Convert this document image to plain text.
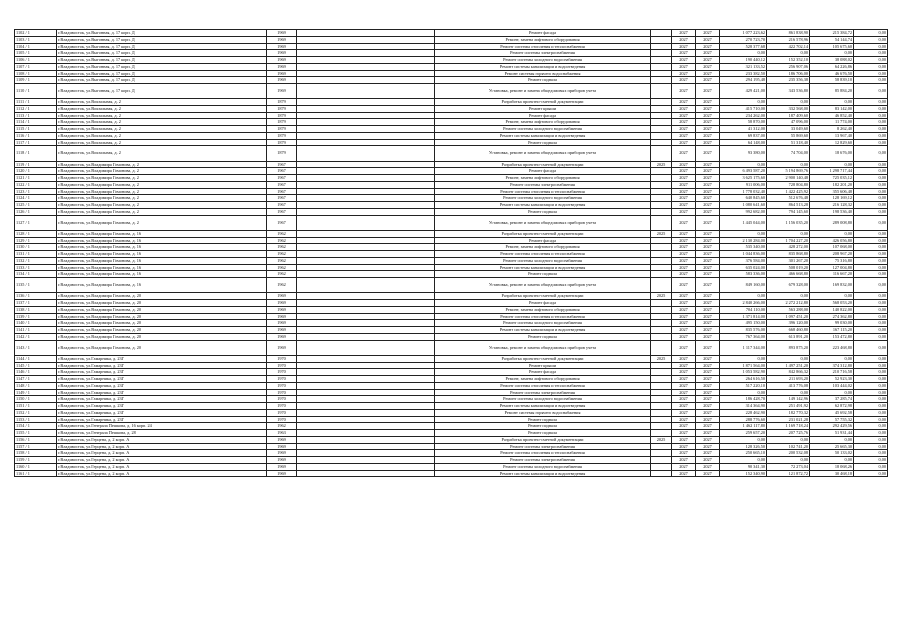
1102 / 1	г.Владивосток, ул.Выгонная, д. 17 корп. Д	1969		Ремонт фасада		2027	2027	1 077 223,62	861 838,90	215 384,72	0,00
1103 / 1	г.Владивосток, ул.Выгонная, д. 17 корп. Д	1969		Ремонт, замена лифтового оборудования		2027	2027	270 723,70	216 578,96	54 144,74	0,00
1104 / 1	г.Владивосток, ул.Выгонная, д. 17 корп. Д	1969		Ремонт системы отопления и теплоснабжения		2027	2027	528 377,68	422 702,14	105 675,60	0,00
1105 / 1	г.Владивосток, ул.Выгонная, д. 17 корп. Д	1969		Ремонт системы электроснабжения		2027	2027	0,00	0,00	0,00	0,00
1106 / 1	г.Владивосток, ул.Выгонная, д. 17 корп. Д	1969		Ремонт системы холодного водоснабжения		2027	2027	190 440,12	152 352,10	38 088,02	0,00
1107 / 1	г.Владивосток, ул.Выгонная, д. 17 корп. Д	1969		Ремонт системы канализации и водоотведения		2027	2027	321 133,52	256 907,06	64 226,86	0,00
1108 / 1	г.Владивосток, ул.Выгонная, д. 17 корп. Д	1969		Ремонт системы горячего водоснабжения		2027	2027	233 382,50	186 706,00	46 676,50	0,00
1109 / 1	г.Владивосток, ул.Выгонная, д. 17 корп. Д	1969		Ремонт подвала		2027	2027	294 195,48	235 356,38	58 839,10	0,00
1110 / 1	г.Владивосток, ул.Выгонная, д. 17 корп. Д	1969		Установка, ремонт и замена общедомовых приборов учета		2027	2027	429 421,00	343 536,80	85 884,20	0,00
1111 / 1	г.Владивосток, ул.Вокзальная, д. 2	1879		Разработка проектно-сметной документации		2027	2027	0,00	0,00	0,00	0,00
1112 / 1	г.Владивосток, ул.Вокзальная, д. 2	1879		Ремонт крыши		2027	2027	415 710,00	332 568,00	83 142,00	0,00
1113 / 1	г.Владивосток, ул.Вокзальная, д. 2	1879		Ремонт фасада		2027	2027	234 262,00	187 409,60	46 852,40	0,00
1114 / 1	г.Владивосток, ул.Вокзальная, д. 2	1879		Ремонт, замена лифтового оборудования		2027	2027	58 870,00	47 096,00	11 774,00	0,00
1115 / 1	г.Владивосток, ул.Вокзальная, д. 2	1879		Ремонт системы холодного водоснабжения		2027	2027	41 312,00	33 049,60	8 262,40	0,00
1116 / 1	г.Владивосток, ул.Вокзальная, д. 2	1879		Ремонт системы канализации и водоотведения		2027	2027	69 837,00	55 869,60	13 967,40	0,00
1117 / 1	г.Владивосток, ул.Вокзальная, д. 2	1879		Ремонт подвала		2027	2027	64 148,00	51 318,40	12 829,60	0,00
1118 / 1	г.Владивосток, ул.Вокзальная, д. 2	1879		Установка, ремонт и замена общедомовых приборов учета		2027	2027	93 380,00	74 704,00	18 676,00	0,00
1119 / 1	г.Владивосток, ул.Владимира Гомонова, д. 2	1967		Разработка проектно-сметной документации	2025	2027	2027	0,00	0,00	0,00	0,00
1120 / 1	г.Владивосток, ул.Владимира Гомонова, д. 2	1967		Ремонт фасада		2027	2027	6 493 587,20	5 194 869,76	1 298 717,44	0,00
1121 / 1	г.Владивосток, ул.Владимира Гомонова, д. 2	1967		Ремонт, замена лифтового оборудования		2027	2027	3 625 175,60	2 900 140,48	725 035,12	0,00
1122 / 1	г.Владивосток, ул.Владимира Гомонова, д. 2	1967		Ремонт системы электроснабжения		2027	2027	911 006,00	728 804,80	182 201,20	0,00
1123 / 1	г.Владивосток, ул.Владимира Гомонова, д. 2	1967		Ремонт системы отопления и теплоснабжения		2027	2027	1 778 032,40	1 422 425,92	355 606,48	0,00
1124 / 1	г.Владивосток, ул.Владимира Гомонова, д. 2	1967		Ремонт системы холодного водоснабжения		2027	2027	640 845,60	512 676,48	128 169,12	0,00
1125 / 1	г.Владивосток, ул.Владимира Гомонова, д. 2	1967		Ремонт системы канализации и водоотведения		2027	2027	1 080 641,60	864 513,28	216 128,32	0,00
1126 / 1	г.Владивосток, ул.Владимира Гомонова, д. 2	1967		Ремонт подвала		2027	2027	992 682,00	794 145,60	198 536,40	0,00
1127 / 1	г.Владивосток, ул.Владимира Гомонова, д. 2	1967		Установка, ремонт и замена общедомовых приборов учета		2027	2027	1 445 044,00	1 156 035,20	289 008,80	0,00
1128 / 1	г.Владивосток, ул.Владимира Гомонова, д. 16	1962		Разработка проектно-сметной документации	2025	2027	2027	0,00	0,00	0,00	0,00
1129 / 1	г.Владивосток, ул.Владимира Гомонова, д. 16	1962		Ремонт фасада		2027	2027	2 130 284,00	1 704 227,20	426 056,80	0,00
1130 / 1	г.Владивосток, ул.Владимира Гомонова, д. 16	1962		Ремонт, замена лифтового оборудования		2027	2027	535 340,00	428 272,00	107 068,00	0,00
1131 / 1	г.Владивосток, ул.Владимира Гомонова, д. 16	1962		Ремонт системы отопления и теплоснабжения		2027	2027	1 044 836,00	835 868,80	208 967,20	0,00
1132 / 1	г.Владивосток, ул.Владимира Гомонова, д. 16	1962		Ремонт системы холодного водоснабжения		2027	2027	376 584,00	301 267,20	75 316,80	0,00
1133 / 1	г.Владивосток, ул.Владимира Гомонова, д. 16	1962		Ремонт системы канализации и водоотведения		2027	2027	635 024,00	508 019,20	127 004,80	0,00
1134 / 1	г.Владивосток, ул.Владимира Гомонова, д. 16	1962		Ремонт подвала		2027	2027	583 336,00	466 668,80	116 667,20	0,00
1135 / 1	г.Владивосток, ул.Владимира Гомонова, д. 16	1962		Установка, ремонт и замена общедомовых приборов учета		2027	2027	849 160,00	679 328,00	169 832,00	0,00
1136 / 1	г.Владивосток, ул.Владимира Гомонова, д. 20	1969		Разработка проектно-сметной документации	2025	2027	2027	0,00	0,00	0,00	0,00
1137 / 1	г.Владивосток, ул.Владимира Гомонова, д. 20	1969		Ремонт фасада		2027	2027	2 840 266,00	2 272 212,80	568 053,20	0,00
1138 / 1	г.Владивосток, ул.Владимира Гомонова, д. 20	1969		Ремонт, замена лифтового оборудования		2027	2027	704 110,00	563 288,00	140 822,00	0,00
1139 / 1	г.Владивосток, ул.Владимира Гомонова, д. 20	1969		Ремонт системы отопления и теплоснабжения		2027	2027	1 371 814,00	1 097 451,20	274 362,80	0,00
1140 / 1	г.Владивосток, ул.Владимира Гомонова, д. 20	1969		Ремонт системы холодного водоснабжения		2027	2027	495 150,00	396 120,00	99 030,00	0,00
1141 / 1	г.Владивосток, ул.Владимира Гомонова, д. 20	1969		Ремонт системы канализации и водоотведения		2027	2027	835 576,00	668 460,80	167 115,20	0,00
1142 / 1	г.Владивосток, ул.Владимира Гомонова, д. 20	1969		Ремонт подвала		2027	2027	767 364,00	613 891,20	153 472,80	0,00
1143 / 1	г.Владивосток, ул.Владимира Гомонова, д. 20	1969		Установка, ремонт и замена общедомовых приборов учета		2027	2027	1 117 344,00	893 875,20	223 468,80	0,00
1144 / 1	г.Владивосток, ул.Гамарника, д. 23Г	1970		Разработка проектно-сметной документации	2025	2027	2027	0,00	0,00	0,00	0,00
1145 / 1	г.Владивосток, ул.Гамарника, д. 23Г	1970		Ремонт крыши		2027	2027	1 871 564,00	1 497 251,20	374 312,80	0,00
1146 / 1	г.Владивосток, ул.Гамарника, д. 23Г	1970		Ремонт фасада		2027	2027	1 053 582,90	842 866,32	210 716,58	0,00
1147 / 1	г.Владивосток, ул.Гамарника, д. 23Г	1970		Ремонт, замена лифтового оборудования		2027	2027	264 616,50	211 693,20	52 923,30	0,00
1148 / 1	г.Владивосток, ул.Гамарника, д. 23Г	1970		Ремонт системы отопления и теплоснабжения		2027	2027	517 220,10	413 776,08	103 444,02	0,00
1149 / 1	г.Владивосток, ул.Гамарника, д. 23Г	1970		Ремонт системы электроснабжения		2027	2027	0,00	0,00	0,00	0,00
1150 / 1	г.Владивосток, ул.Гамарника, д. 23Г	1970		Ремонт системы холодного водоснабжения		2027	2027	186 428,70	149 142,96	37 285,74	0,00
1151 / 1	г.Владивосток, ул.Гамарника, д. 23Г	1970		Ремонт системы канализации и водоотведения		2027	2027	314 364,90	251 491,92	62 872,98	0,00
1152 / 1	г.Владивосток, ул.Гамарника, д. 23Г	1970		Ремонт системы горячего водоснабжения		2027	2027	228 462,90	182 770,32	45 692,58	0,00
1153 / 1	г.Владивосток, ул.Гамарника, д. 23Г	1970		Ремонт подвала		2027	2027	288 776,60	231 021,28	57 755,32	0,00
1154 / 1	г.Владивосток, ул.Генерала Пешкова, д. 16 корп. 24	1962		Ремонт подвала		2027	2027	1 462 117,80	1 169 718,24	292 429,56	0,00
1155 / 1	г.Владивосток, ул.Генерала Пешкова, д. 28	1963		Ремонт подвала		2027	2027	259 657,20	207 725,76	51 931,44	0,00
1156 / 1	г.Владивосток, ул.Герцена, д. 2 корп. А	1969		Разработка проектно-сметной документации	2025	2027	2027	0,00	0,00	0,00	0,00
1157 / 1	г.Владивосток, ул.Герцена, д. 2 корп. А	1969		Ремонт системы электроснабжения		2027	2027	128 326,50	102 741,20	25 665,30	0,00
1158 / 1	г.Владивосток, ул.Герцена, д. 2 корп. А	1969		Ремонт системы отопления и теплоснабжения		2027	2027	250 665,10	200 532,08	50 133,02	0,00
1159 / 1	г.Владивосток, ул.Герцена, д. 2 корп. А	1969		Ремонт системы электроснабжения		2027	2027	0,00	0,00	0,00	0,00
1160 / 1	г.Владивосток, ул.Герцена, д. 2 корп. А	1969		Ремонт системы холодного водоснабжения		2027	2027	90 341,30	72 273,04	18 068,26	0,00
1161 / 1	г.Владивосток, ул.Герцена, д. 2 корп. А	1969		Ремонт системы канализации и водоотведения		2027	2027	152 340,90	121 872,72	30 468,18	0,00
